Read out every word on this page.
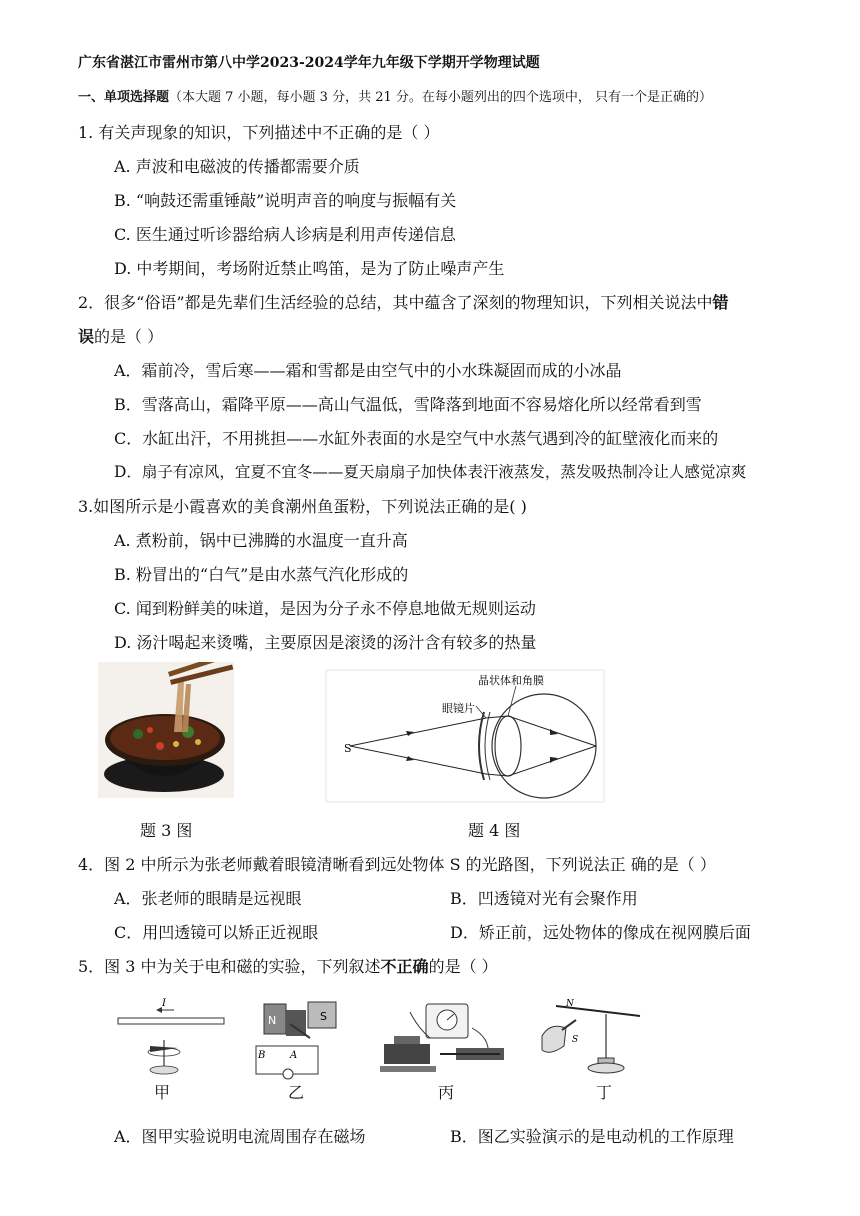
广东省湛江市雷州市第八中学2023-2024学年九年级下学期开学物理试题
一、单项选择题（本大题 7 小题，每小题 3 分，共 21 分。在每小题列出的四个选项中， 只有一个是正确的）
1. 有关声现象的知识，下列描述中不正确的是（ ）
A. 声波和电磁波的传播都需要介质
B. “响鼓还需重锤敲”说明声音的响度与振幅有关
C. 医生通过听诊器给病人诊病是利用声传递信息
D. 中考期间，考场附近禁止鸣笛，是为了防止噪声产生
2．很多“俗语”都是先辈们生活经验的总结，其中蕴含了深刻的物理知识，下列相关说法中错
误的是（ ）
A．霜前冷，雪后寒——霜和雪都是由空气中的小水珠凝固而成的小冰晶
B．雪落高山，霜降平原——高山气温低，雪降落到地面不容易熔化所以经常看到雪
C．水缸出汗，不用挑担——水缸外表面的水是空气中水蒸气遇到冷的缸壁液化而来的
D．扇子有凉风，宜夏不宜冬——夏天扇扇子加快体表汗液蒸发，蒸发吸热制冷让人感觉凉爽
3.如图所示是小霞喜欢的美食潮州鱼蛋粉，下列说法正确的是( )
A. 煮粉前，锅中已沸腾的水温度一直升高
B. 粉冒出的“白气”是由水蒸气汽化形成的
C. 闻到粉鲜美的味道，是因为分子永不停息地做无规则运动
D. 汤汁喝起来烫嘴，主要原因是滚烫的汤汁含有较多的热量
S
眼镜片
晶状体和角膜
题 3 图	题 4 图
4．图 2 中所示为张老师戴着眼镜清晰看到远处物体 S 的光路图，下列说法正 确的是（ ）
A．张老师的眼睛是远视眼	B．凹透镜对光有会聚作用
C．用凹透镜可以矫正近视眼	D．矫正前，远处物体的像成在视网膜后面
5．图 3 中为关于电和磁的实验，下列叙述不正确的是（ ）
I
甲
N	S
B A
乙	丙
N
S
丁
A．图甲实验说明电流周围存在磁场	B．图乙实验演示的是电动机的工作原理
